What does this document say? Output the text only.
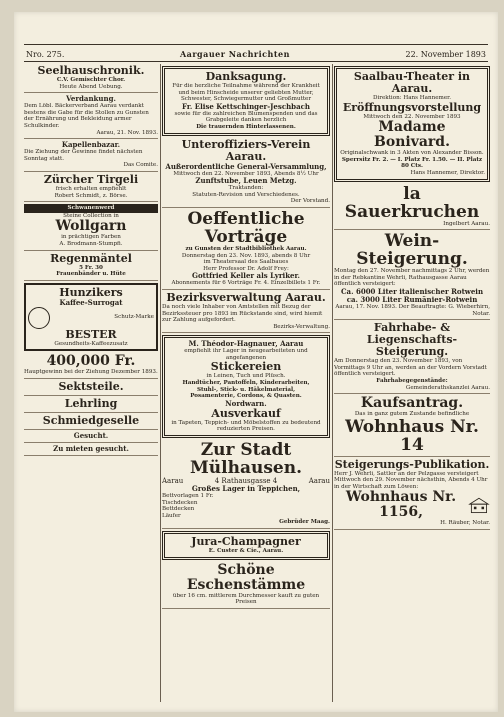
Nro. 275.	Aargauer Nachrichten	22. November 1893
Seelhauschronik.
C.V. Gemischter Chor.
Heute Abend Uebung.
Verdankung.
Dem Löbl. Bäckerverband Aarau verdankt bestens die Gabe für die Stollen zu Gunsten der Ernährung und Bekleidung armer Schulkinder.
Aarau, 21. Nov. 1893.
Kapellenbazar.
Die Ziehung der Gewinne findet nächsten Sonntag statt.
Das Comite.
Zürcher Tirgeli
frisch erhalten empfiehlt
Robert Schmidt, z. Börse.
Schwanenwerd
Steine Collection in
Wollgarn
in prächtigen Farben
A. Brodmann-Stumpfi.
Regenmäntel
5 Fr. 30
Frauenbänder u. Hüte
Hunzikers
Kaffee-Surrogat
Schutz-Marke
BESTER
Gesundheits-Kaffeezusatz
400,000 Fr.
Hauptgewinn bei der Ziehung Dezember 1893.
Sektsteile.
Lehrling
Schmiedgeselle
Gesucht.
Zu mieten gesucht.
Danksagung.
Für die herzliche Teilnahme während der Krankheit und beim Hinscheide unserer geliebten Mutter, Schwester, Schwiegermutter und Großmutter
Fr. Elise Kettschinger-Jeschbach
sowie für die zahlreichen Blumenspenden und das Grabgeleite danken herzlich
Die trauernden Hinterlassenen.
Unteroffiziers-Verein Aarau.
Außerordentliche General-Versammlung,
Mittwoch den 22. November 1893, Abends 8½ Uhr
Zunftstube, Leuen Metzg.
Traktanden:
Statuten-Revision und Verschiedenes.
Der Vorstand.
Oeffentliche Vorträge
zu Gunsten der Stadtbibliothek Aarau.
Donnerstag den 23. Nov. 1893, abends 8 Uhr
im Theatersaal des Saalbaues
Herr Professor Dr. Adolf Frey:
Gottfried Keller als Lyriker.
Abonnements für 6 Vorträge Fr. 4. Einzelbillets 1 Fr.
Bezirksverwaltung Aarau.
Da noch viele Inhaber von Amtstellen mit Bezug der Bezirkssteuer pro 1893 im Rückstande sind, wird hiemit zur Zahlung aufgefordert.
Bezirks-Verwaltung.
M. Théodor-Hagnauer, Aarau
empfiehlt ihr Lager in neugearbeiteten und angefangenen
Stickereien
in Leinen, Tuch und Plüsch.
Handtücher, Pantoffeln, Kinderarbeiten,
Stuhl-, Stick- u. Häkelmaterial,
Posamenterie, Cordons, & Quasten.
Nordwarn.
Ausverkauf
in Tapeten, Teppich- und Möbelstoffen zu bedeutend reduzierten Preisen.
Zur Stadt Mülhausen.
Aarau	4 Rathausgasse 4	Aarau
Großes Lager in Teppichen,
Bettvorlagen 1 Fr.
Tischdecken
Bettdecken
Läufer
Gebrüder Maag.
Jura-Champagner
E. Custer & Cie., Aarau.
Schöne Eschenstämme
über 16 cm. mittlerem Durchmesser kauft zu guten Preisen
Saalbau-Theater in Aarau.
Direktion: Hans Hannemer.
Eröffnungsvorstellung
Mittwoch den 22. November 1893
Madame Bonivard.
Originalschwank in 3 Akten von Alexander Bisson.
Sperrsitz Fr. 2. — I. Platz Fr. 1.50. — II. Platz 80 Cts.
Hans Hannemer, Direktor.
la Sauerkruchen
Ingelbert Aarau.
Wein-Steigerung.
Montag den 27. November nachmittags 2 Uhr, werden in der Rebkantine Wehrli, Rathausgasse Aarau öffentlich versteigert:
Ca. 6000 Liter italienischer Rotwein
ca. 3000 Liter Rumänier-Rotwein
Aarau, 17. Nov. 1893. Der Beauftragte: G. Wieberhirn, Notar.
Fahrhabe- & Liegenschafts-Steigerung.
Am Donnerstag den 23. November 1893, von Vormittags 9 Uhr an, werden an der Vordern Vorstadt öffentlich versteigert.
Fahrhabegegenstände:
Gemeinderathskanzlei Aarau.
Kaufsantrag.
Das in ganz gutem Zustande befindliche
Wohnhaus Nr. 14
Steigerungs-Publikation.
Herr J. Wehrli, Sattler an der Pelzgasse versteigert Mittwoch den 29. November nächsthin, Abends 4 Uhr in der Wirtschaft zum Löwen:
Wohnhaus Nr. 1156,
H. Räuber, Notar.
